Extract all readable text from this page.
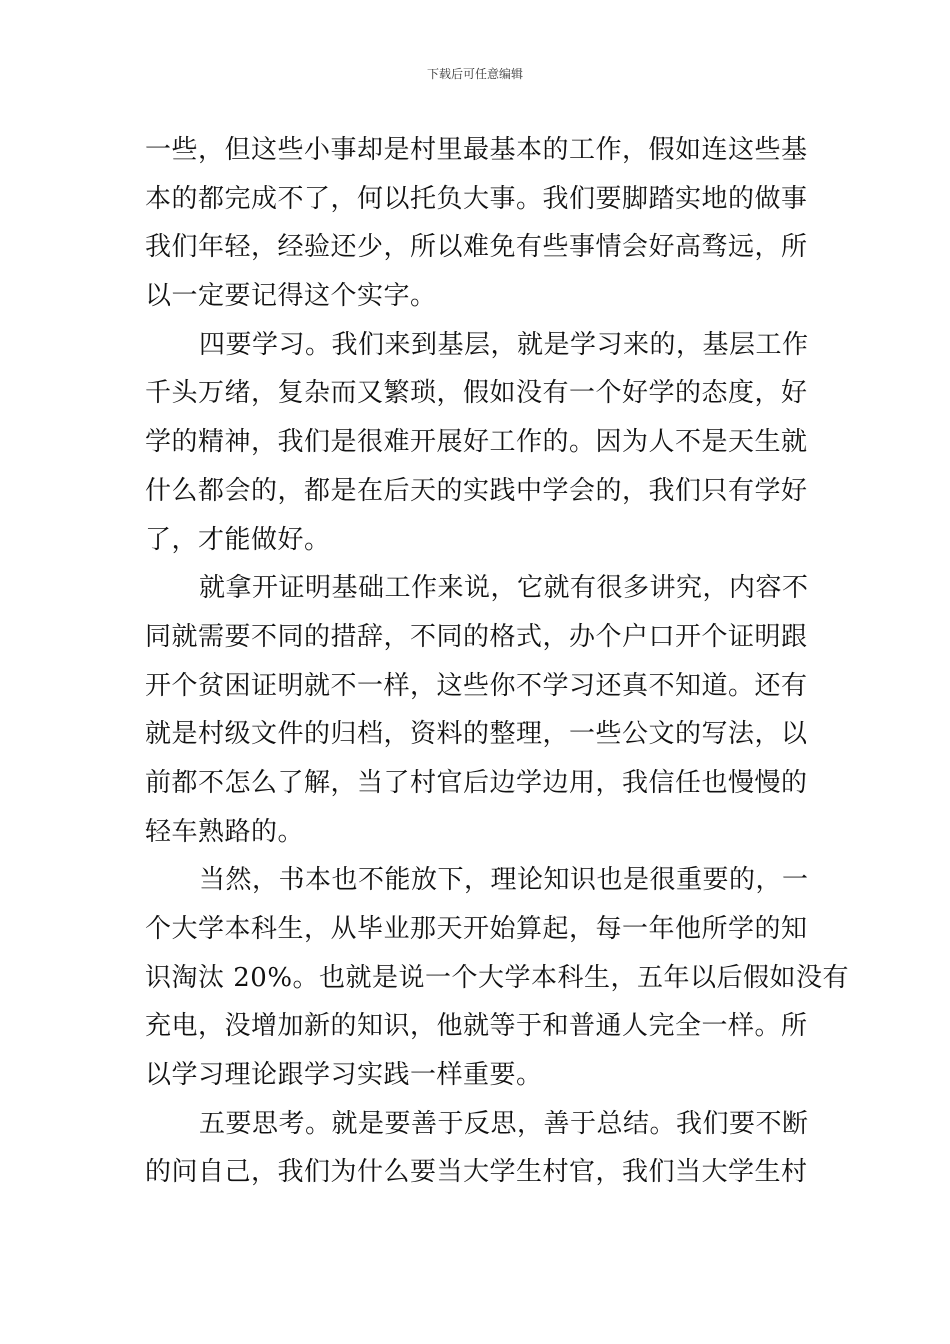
下载后可任意编辑
一些，但这些小事却是村里最基本的工作，假如连这些基
本的都完成不了，何以托负大事。我们要脚踏实地的做事
我们年轻，经验还少，所以难免有些事情会好高骛远，所
以一定要记得这个实字。
四要学习。我们来到基层，就是学习来的，基层工作
千头万绪，复杂而又繁琐，假如没有一个好学的态度，好
学的精神，我们是很难开展好工作的。因为人不是天生就
什么都会的，都是在后天的实践中学会的，我们只有学好
了，才能做好。
就拿开证明基础工作来说，它就有很多讲究，内容不
同就需要不同的措辞，不同的格式，办个户口开个证明跟
开个贫困证明就不一样，这些你不学习还真不知道。还有
就是村级文件的归档，资料的整理，一些公文的写法，以
前都不怎么了解，当了村官后边学边用，我信任也慢慢的
轻车熟路的。
当然，书本也不能放下，理论知识也是很重要的，一
个大学本科生，从毕业那天开始算起，每一年他所学的知
识淘汰 20%。也就是说一个大学本科生，五年以后假如没有
充电，没增加新的知识，他就等于和普通人完全一样。所
以学习理论跟学习实践一样重要。
五要思考。就是要善于反思，善于总结。我们要不断
的问自己，我们为什么要当大学生村官，我们当大学生村
